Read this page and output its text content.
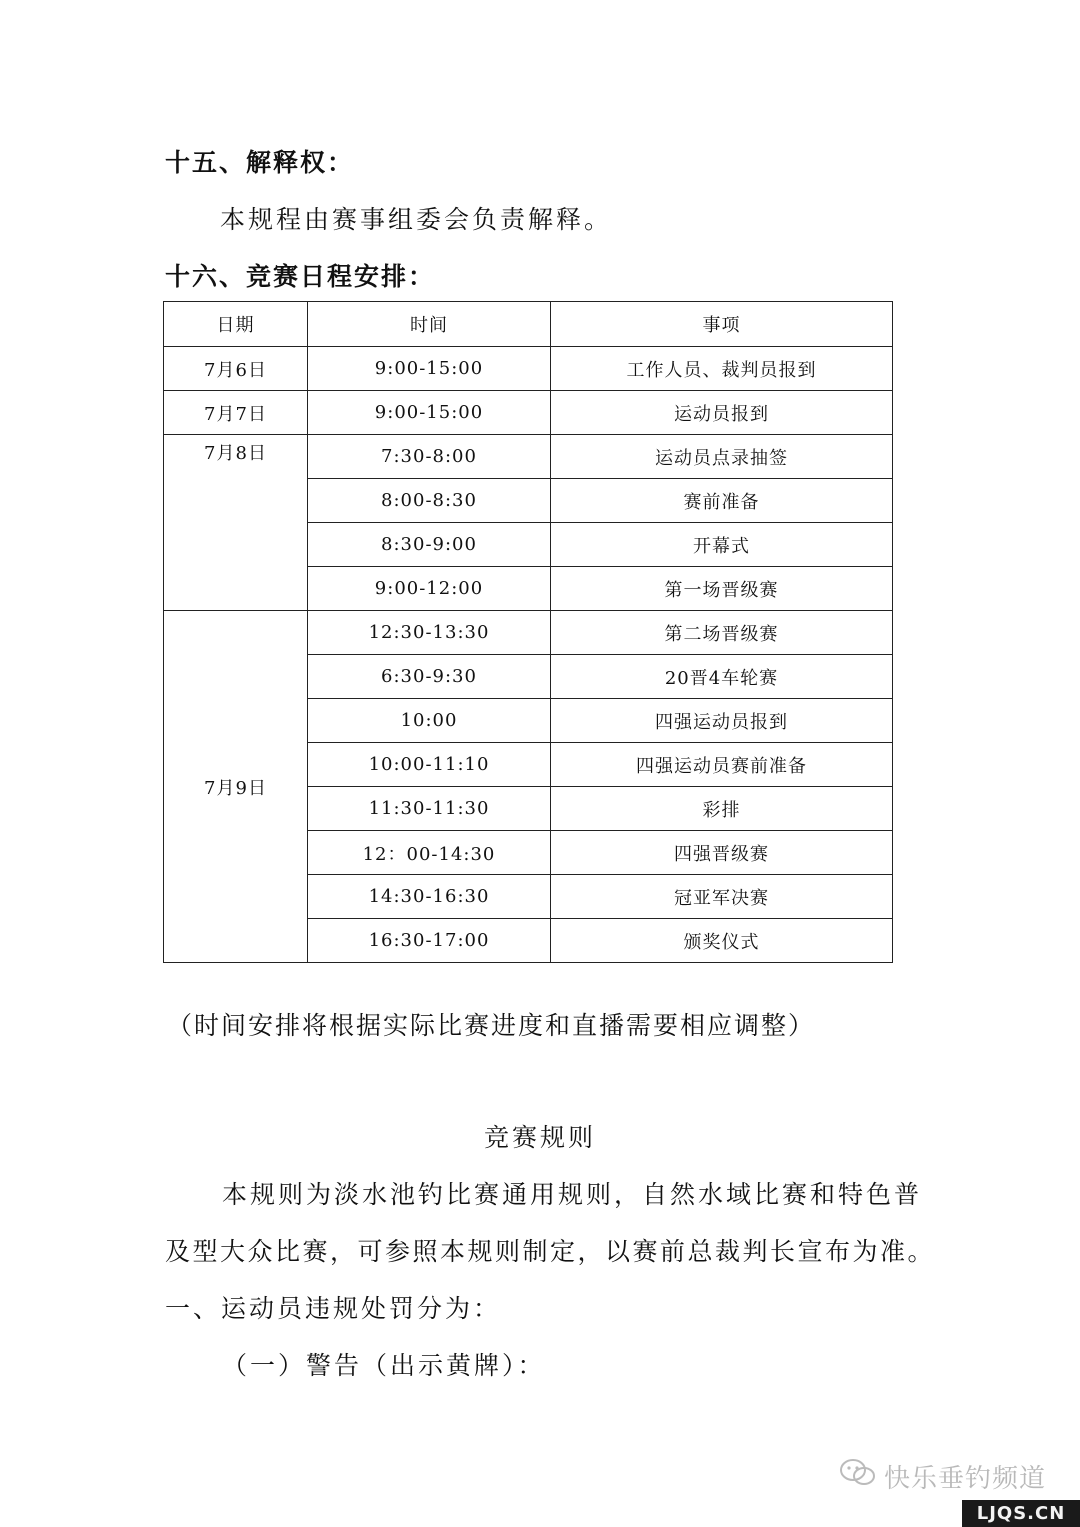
十五、解释权：
本规程由赛事组委会负责解释。
十六、竞赛日程安排：
日期	时间	事项
7月6日	9:00-15:00	工作人员、裁判员报到
7月7日	9:00-15:00	运动员报到
7月8日	7:30-8:00	运动员点录抽签
	8:00-8:30	赛前准备
	8:30-9:00	开幕式
	9:00-12:00	第一场晋级赛
7月9日	12:30-13:30	第二场晋级赛
	6:30-9:30	20晋4车轮赛
	10:00	四强运动员报到
	10:00-11:10	四强运动员赛前准备
	11:30-11:30	彩排
	12：00-14:30	四强晋级赛
	14:30-16:30	冠亚军决赛
	16:30-17:00	颁奖仪式
（时间安排将根据实际比赛进度和直播需要相应调整）
竞赛规则
本规则为淡水池钓比赛通用规则，自然水域比赛和特色普
及型大众比赛，可参照本规则制定，以赛前总裁判长宣布为准。
一、运动员违规处罚分为：
（一）警告（出示黄牌）：
快乐垂钓频道
LJQS.CN
